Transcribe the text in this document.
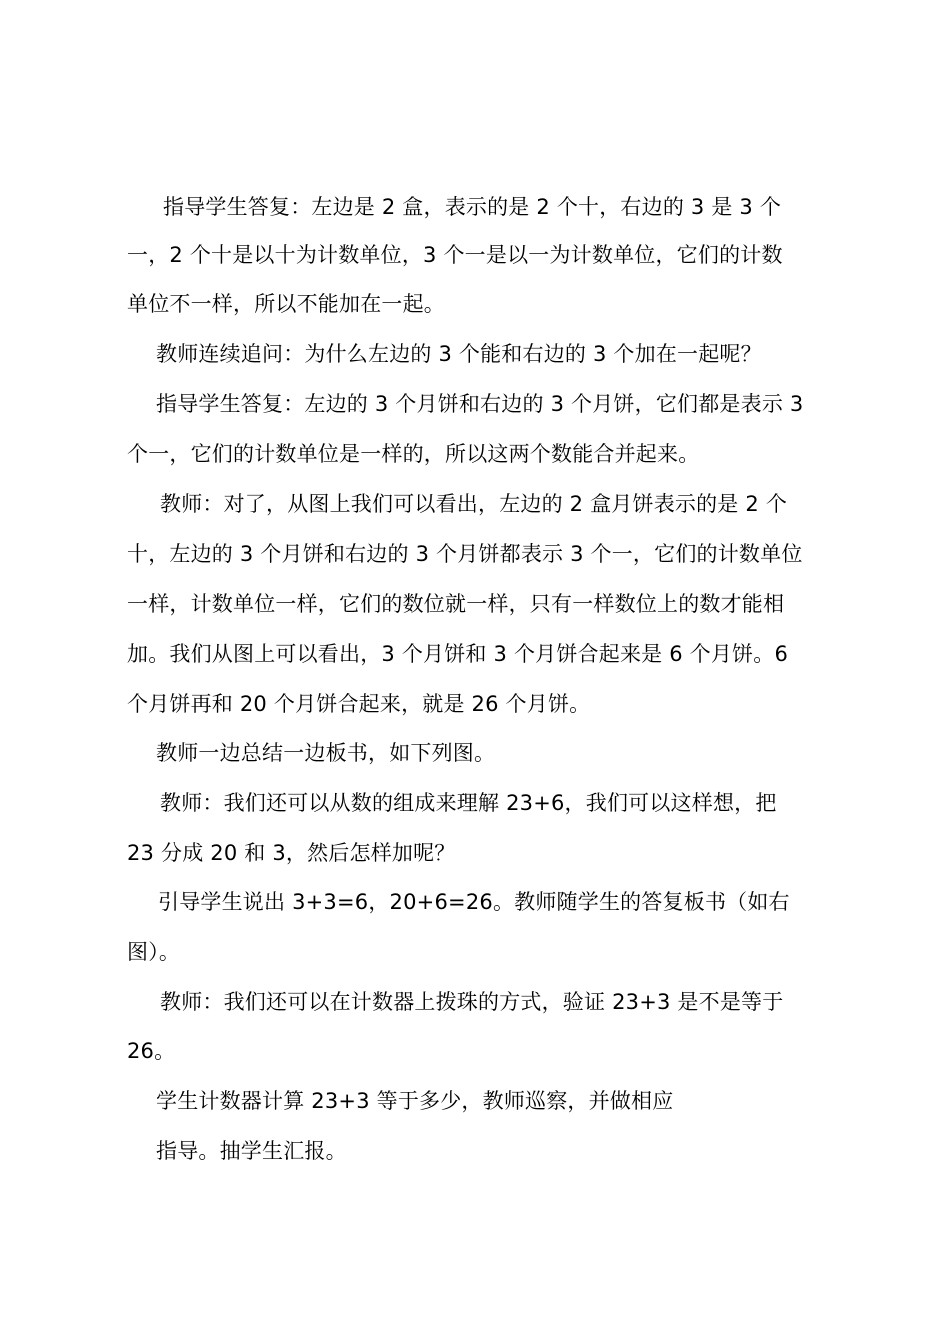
指导学生答复：左边是 2 盒，表示的是 2 个十，右边的 3 是 3 个
一，2 个十是以十为计数单位，3 个一是以一为计数单位，它们的计数
单位不一样，所以不能加在一起。
教师连续追问：为什么左边的 3 个能和右边的 3 个加在一起呢？
指导学生答复：左边的 3 个月饼和右边的 3 个月饼，它们都是表示 3
个一，它们的计数单位是一样的，所以这两个数能合并起来。
教师：对了，从图上我们可以看出，左边的 2 盒月饼表示的是 2 个
十，左边的 3 个月饼和右边的 3 个月饼都表示 3 个一，它们的计数单位
一样，计数单位一样，它们的数位就一样，只有一样数位上的数才能相
加。我们从图上可以看出，3 个月饼和 3 个月饼合起来是 6 个月饼。6
个月饼再和 20 个月饼合起来，就是 26 个月饼。
教师一边总结一边板书，如下列图。
教师：我们还可以从数的组成来理解 23+6，我们可以这样想，把
23 分成 20 和 3，然后怎样加呢？
引导学生说出 3+3=6，20+6=26。教师随学生的答复板书（如右
图）。
教师：我们还可以在计数器上拨珠的方式，验证 23+3 是不是等于
26。
学生计数器计算 23+3 等于多少，教师巡察，并做相应
指导。抽学生汇报。
